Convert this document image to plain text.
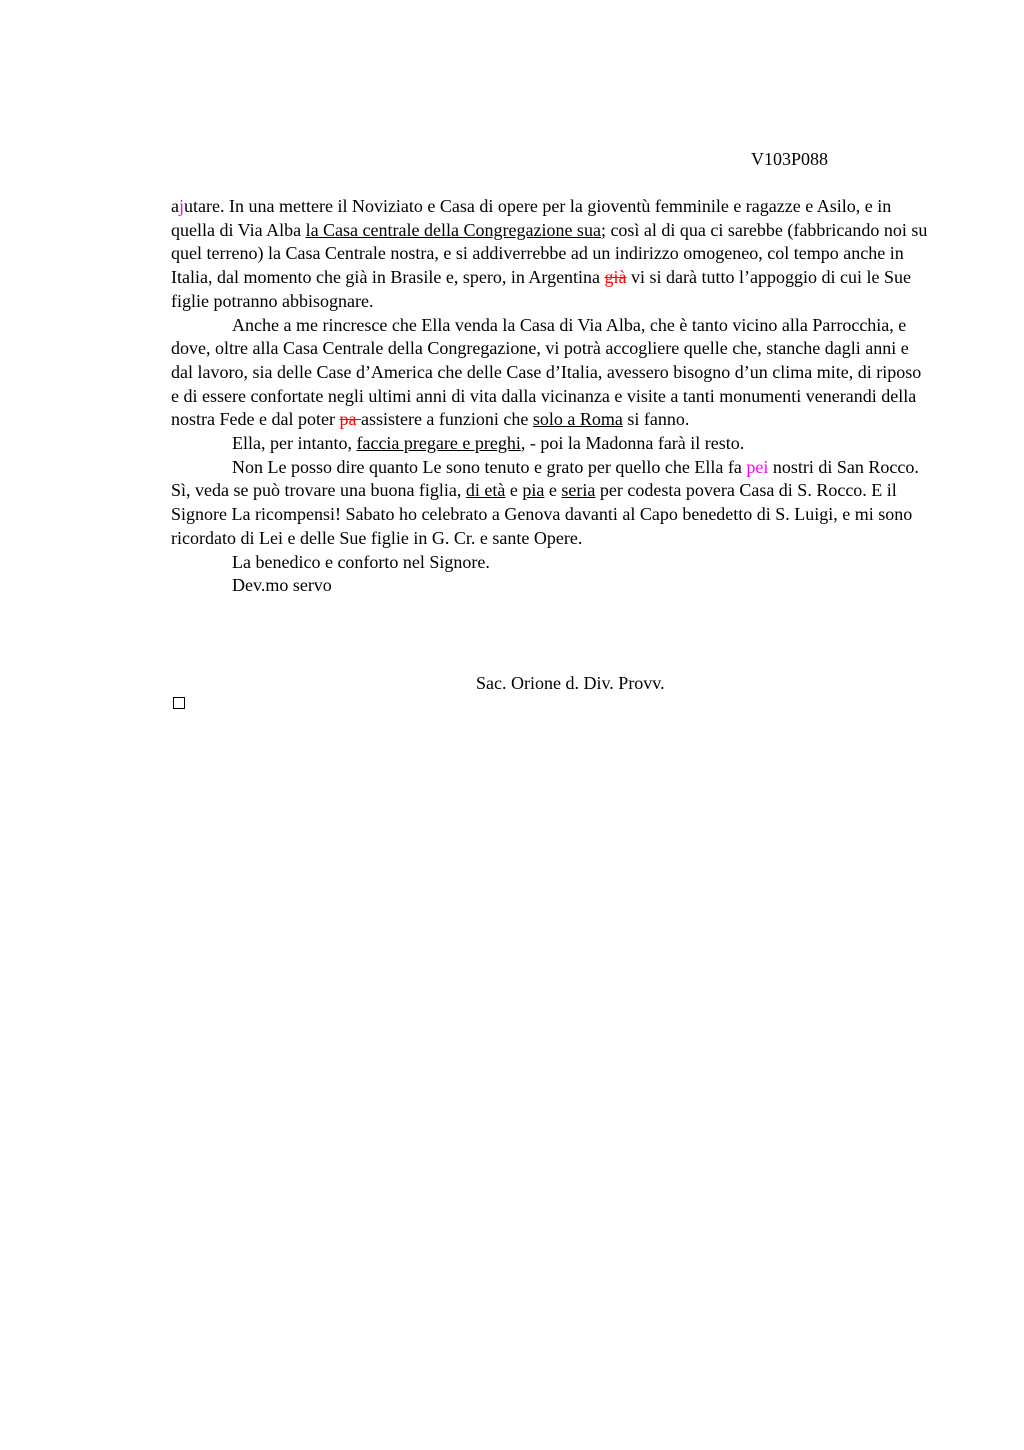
V103P088

ajutare. In una mettere il Noviziato e Casa di opere per la gioventù femminile e ragazze e Asilo, e in quella di Via Alba la Casa centrale della Congregazione sua; così al di qua ci sarebbe (fabbricando noi su quel terreno) la Casa Centrale nostra, e si addiverrebbe ad un indirizzo omogeneo, col tempo anche in Italia, dal momento che già in Brasile e, spero, in Argentina già vi si darà tutto l’appoggio di cui le Sue figlie potranno abbisognare.

Anche a me rincresce che Ella venda la Casa di Via Alba, che è tanto vicino alla Parrocchia, e dove, oltre alla Casa Centrale della Congregazione, vi potrà accogliere quelle che, stanche dagli anni e dal lavoro, sia delle Case d’America che delle Case d’Italia, avessero bisogno d’un clima mite, di riposo e di essere confortate negli ultimi anni di vita dalla vicinanza e visite a tanti monumenti venerandi della nostra Fede e dal poter pa assistere a funzioni che solo a Roma si fanno.

Ella, per intanto, faccia pregare e preghi, - poi la Madonna farà il resto.

Non Le posso dire quanto Le sono tenuto e grato per quello che Ella fa pei nostri di San Rocco. Sì, veda se può trovare una buona figlia, di età e pia e seria per codesta povera Casa di S. Rocco. E il Signore La ricompensi! Sabato ho celebrato a Genova davanti al Capo benedetto di S. Luigi, e mi sono ricordato di Lei e delle Sue figlie in G. Cr. e sante Opere.

La benedico e conforto nel Signore.

Dev.mo servo

Sac. Orione d. Div. Provv.
